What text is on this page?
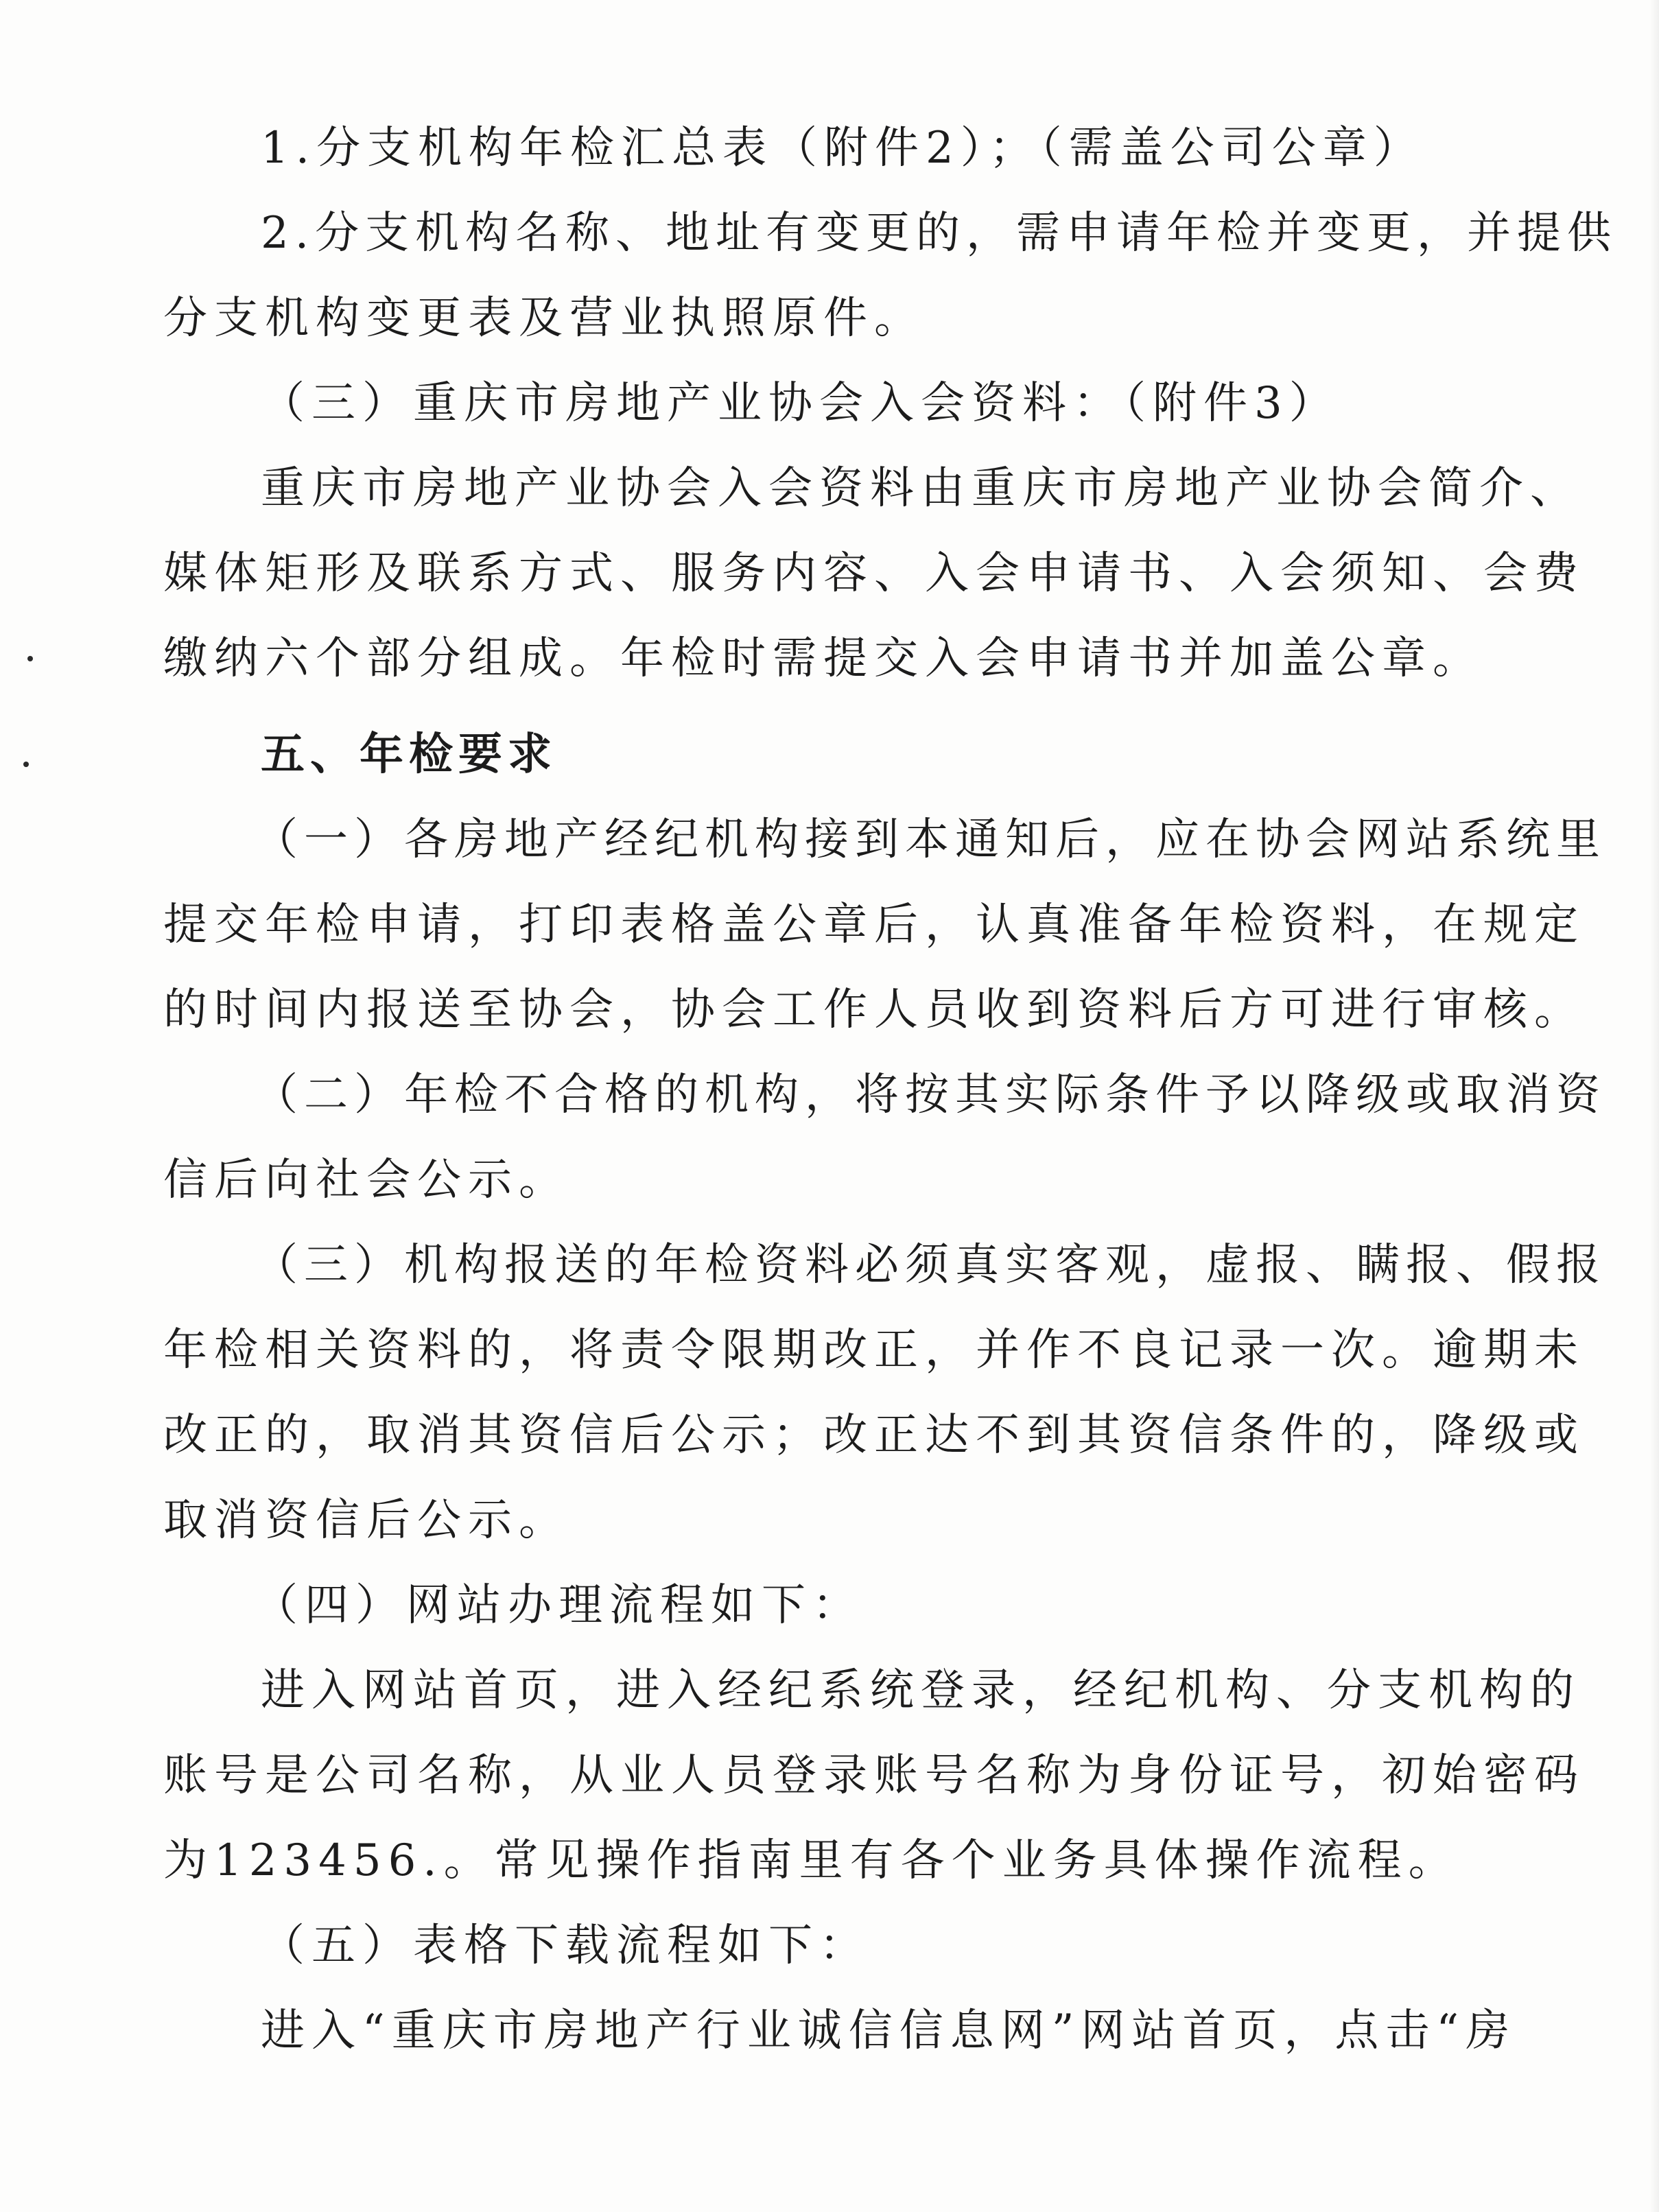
1.分支机构年检汇总表（附件2）；（需盖公司公章）

2.分支机构名称、地址有变更的，需申请年检并变更，并提供

分支机构变更表及营业执照原件。

（三）重庆市房地产业协会入会资料：（附件3）

重庆市房地产业协会入会资料由重庆市房地产业协会简介、

媒体矩形及联系方式、服务内容、入会申请书、入会须知、会费

缴纳六个部分组成。年检时需提交入会申请书并加盖公章。

五、年检要求

（一）各房地产经纪机构接到本通知后，应在协会网站系统里

提交年检申请，打印表格盖公章后，认真准备年检资料，在规定

的时间内报送至协会，协会工作人员收到资料后方可进行审核。

（二）年检不合格的机构，将按其实际条件予以降级或取消资

信后向社会公示。

（三）机构报送的年检资料必须真实客观，虚报、瞒报、假报

年检相关资料的，将责令限期改正，并作不良记录一次。逾期未

改正的，取消其资信后公示；改正达不到其资信条件的，降级或

取消资信后公示。

（四）网站办理流程如下：

进入网站首页，进入经纪系统登录，经纪机构、分支机构的

账号是公司名称，从业人员登录账号名称为身份证号，初始密码

为123456.。常见操作指南里有各个业务具体操作流程。

（五）表格下载流程如下：

进入“重庆市房地产行业诚信信息网”网站首页，点击“房
